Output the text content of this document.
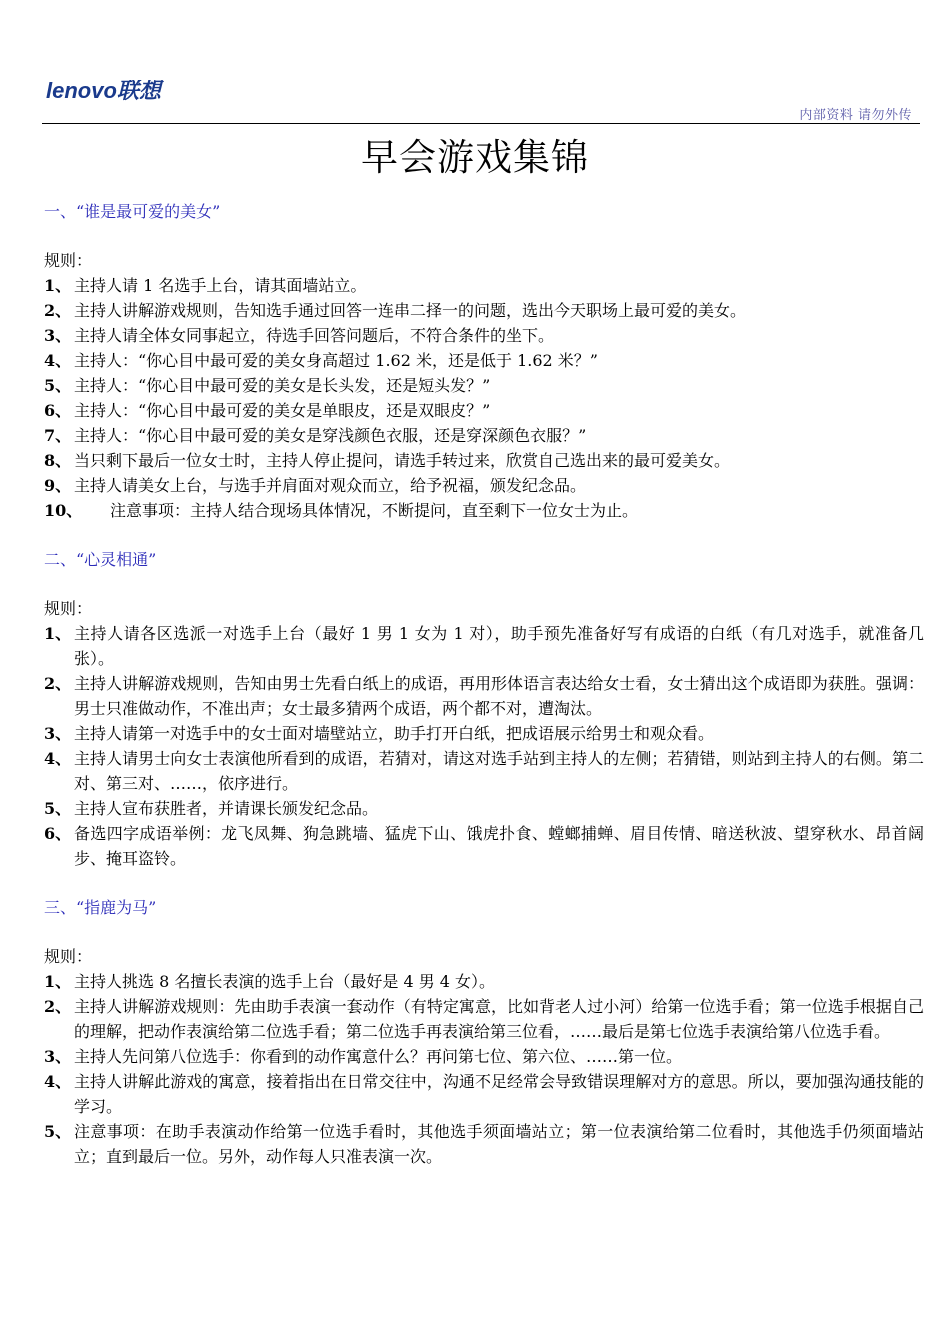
lenovo联想
内部资料 请勿外传
早会游戏集锦
一、“谁是最可爱的美女”
规则：
1、 主持人请 1 名选手上台，请其面墙站立。
2、 主持人讲解游戏规则，告知选手通过回答一连串二择一的问题，选出今天职场上最可爱的美女。
3、 主持人请全体女同事起立，待选手回答问题后，不符合条件的坐下。
4、 主持人：“你心目中最可爱的美女身高超过 1.62 米，还是低于 1.62 米？”
5、 主持人：“你心目中最可爱的美女是长头发，还是短头发？”
6、 主持人：“你心目中最可爱的美女是单眼皮，还是双眼皮？”
7、 主持人：“你心目中最可爱的美女是穿浅颜色衣服，还是穿深颜色衣服？”
8、 当只剩下最后一位女士时，主持人停止提问，请选手转过来，欣赏自己选出来的最可爱美女。
9、 主持人请美女上台，与选手并肩面对观众而立，给予祝福，颁发纪念品。
10、	注意事项：主持人结合现场具体情况，不断提问，直至剩下一位女士为止。
二、“心灵相通”
规则：
1、 主持人请各区选派一对选手上台（最好 1 男 1 女为 1 对），助手预先准备好写有成语的白纸（有几对选手，就准备几张）。
2、 主持人讲解游戏规则，告知由男士先看白纸上的成语，再用形体语言表达给女士看，女士猜出这个成语即为获胜。强调：男士只准做动作，不准出声；女士最多猜两个成语，两个都不对，遭淘汰。
3、 主持人请第一对选手中的女士面对墙壁站立，助手打开白纸，把成语展示给男士和观众看。
4、 主持人请男士向女士表演他所看到的成语，若猜对，请这对选手站到主持人的左侧；若猜错，则站到主持人的右侧。第二对、第三对、……，依序进行。
5、 主持人宣布获胜者，并请课长颁发纪念品。
6、 备选四字成语举例：龙飞凤舞、狗急跳墙、猛虎下山、饿虎扑食、螳螂捕蝉、眉目传情、暗送秋波、望穿秋水、昂首阔步、掩耳盗铃。
三、“指鹿为马”
规则：
1、 主持人挑选 8 名擅长表演的选手上台（最好是 4 男 4 女）。
2、 主持人讲解游戏规则：先由助手表演一套动作（有特定寓意，比如背老人过小河）给第一位选手看；第一位选手根据自己的理解，把动作表演给第二位选手看；第二位选手再表演给第三位看，……最后是第七位选手表演给第八位选手看。
3、 主持人先问第八位选手：你看到的动作寓意什么？再问第七位、第六位、……第一位。
4、 主持人讲解此游戏的寓意，接着指出在日常交往中，沟通不足经常会导致错误理解对方的意思。所以，要加强沟通技能的学习。
5、 注意事项：在助手表演动作给第一位选手看时，其他选手须面墙站立；第一位表演给第二位看时，其他选手仍须面墙站立；直到最后一位。另外，动作每人只准表演一次。
